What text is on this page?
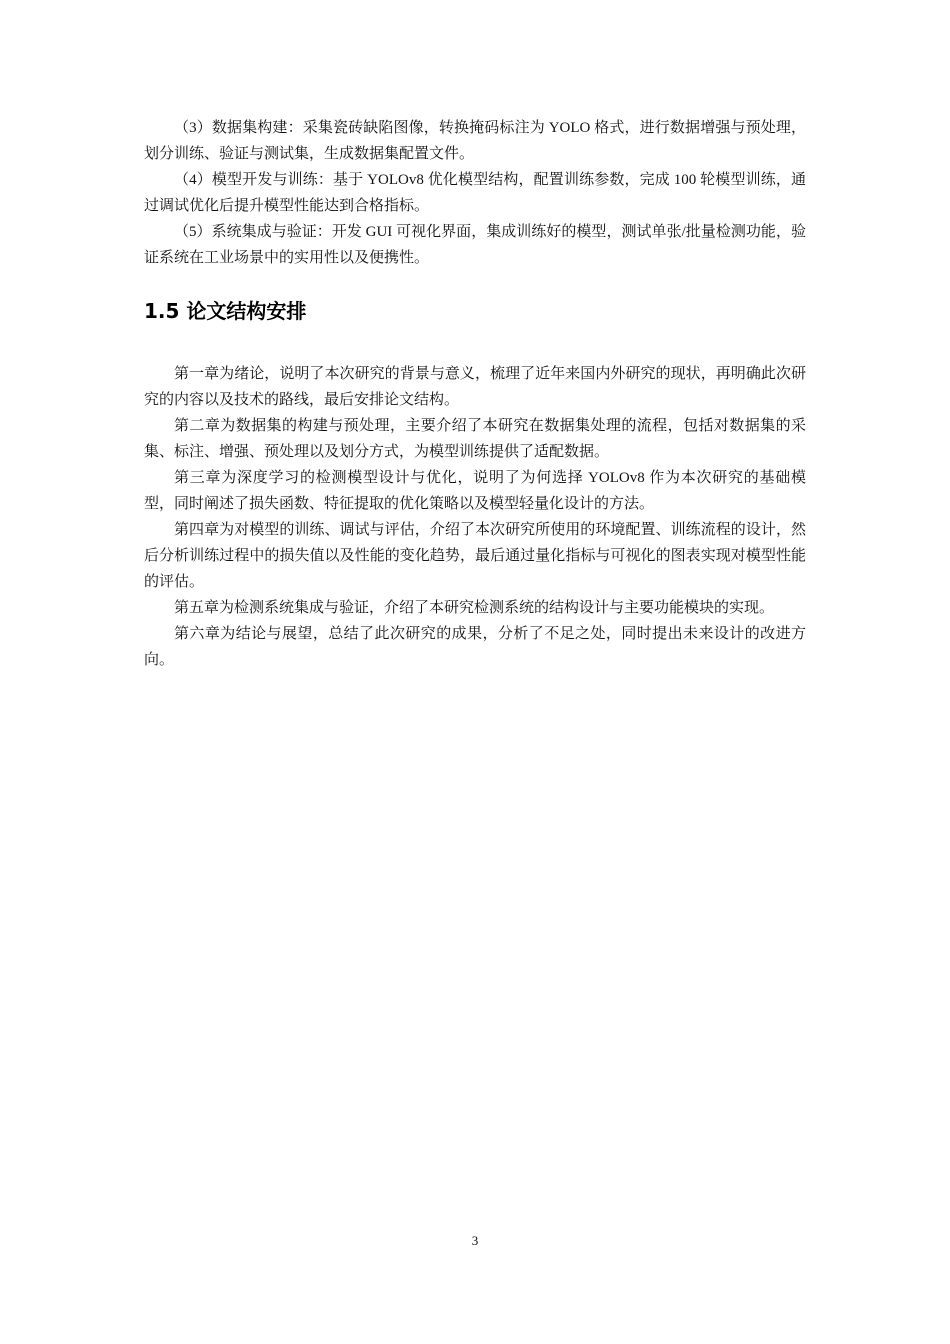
（3）数据集构建：采集瓷砖缺陷图像，转换掩码标注为 YOLO 格式，进行数据增强与预处理，划分训练、验证与测试集，生成数据集配置文件。

（4）模型开发与训练：基于 YOLOv8 优化模型结构，配置训练参数，完成 100 轮模型训练，通过调试优化后提升模型性能达到合格指标。

（5）系统集成与验证：开发 GUI 可视化界面，集成训练好的模型，测试单张/批量检测功能，验证系统在工业场景中的实用性以及便携性。

1.5 论文结构安排

第一章为绪论，说明了本次研究的背景与意义，梳理了近年来国内外研究的现状，再明确此次研究的内容以及技术的路线，最后安排论文结构。

第二章为数据集的构建与预处理，主要介绍了本研究在数据集处理的流程，包括对数据集的采集、标注、增强、预处理以及划分方式，为模型训练提供了适配数据。

第三章为深度学习的检测模型设计与优化，说明了为何选择 YOLOv8 作为本次研究的基础模型，同时阐述了损失函数、特征提取的优化策略以及模型轻量化设计的方法。

第四章为对模型的训练、调试与评估，介绍了本次研究所使用的环境配置、训练流程的设计，然后分析训练过程中的损失值以及性能的变化趋势，最后通过量化指标与可视化的图表实现对模型性能的评估。

第五章为检测系统集成与验证，介绍了本研究检测系统的结构设计与主要功能模块的实现。

第六章为结论与展望，总结了此次研究的成果，分析了不足之处，同时提出未来设计的改进方向。

3
